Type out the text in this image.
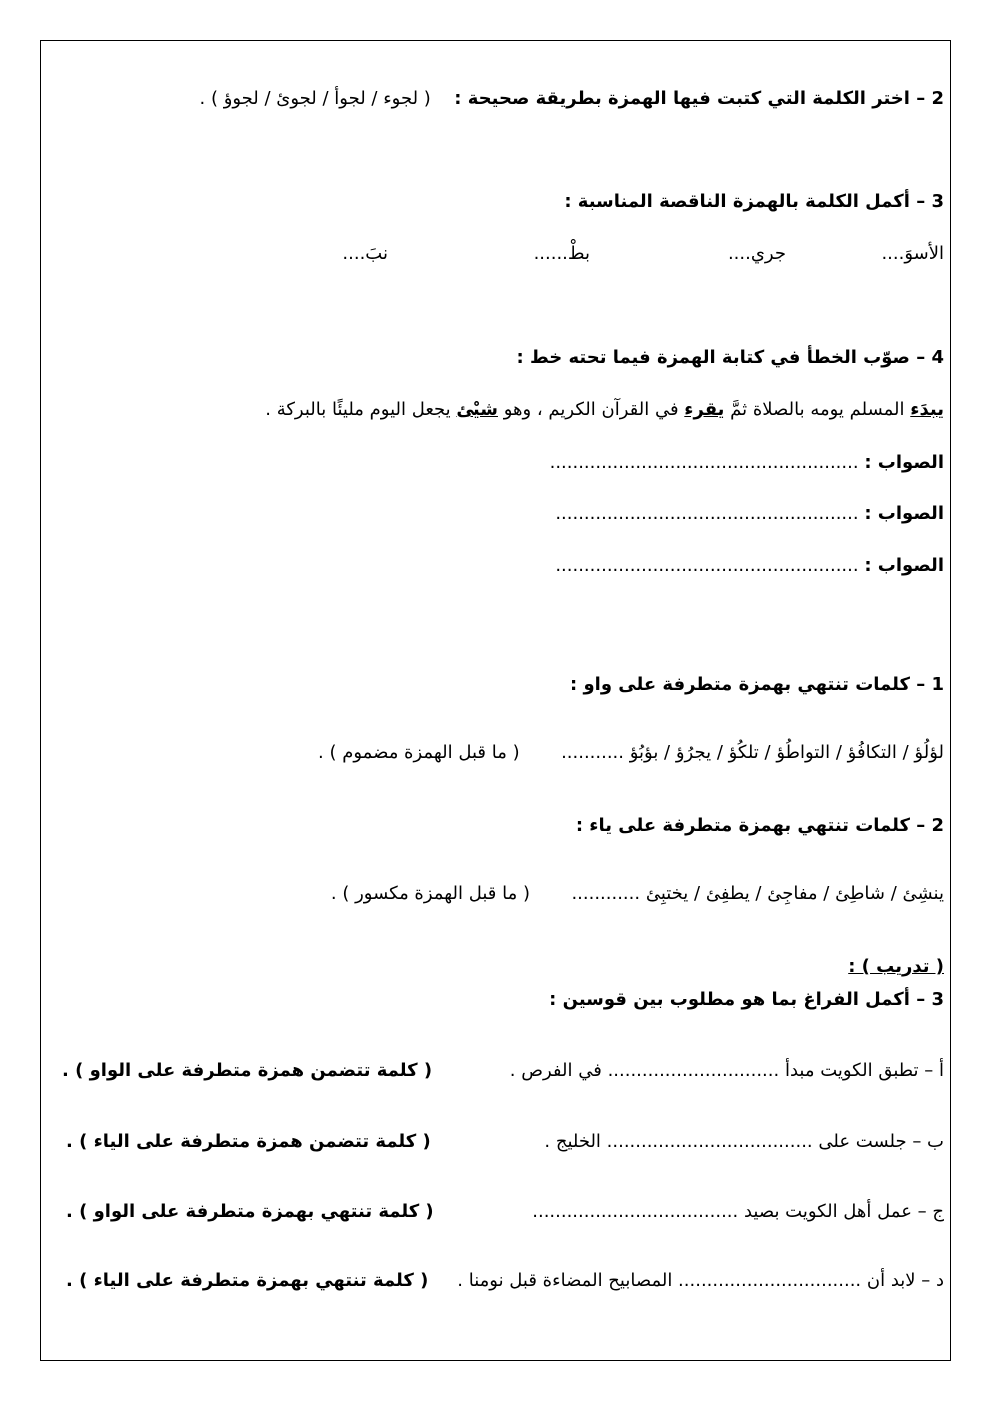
2 – اختر الكلمة التي كتبت فيها الهمزة بطريقة صحيحة :  ( لجوء / لجوأ / لجوئ / لجوؤ ) .
3 – أكمل الكلمة بالهمزة الناقصة المناسبة :
الأسوَ....
جري....
بطْ......
نبَ....
4 – صوّب الخطأ في كتابة الهمزة فيما تحته خط :
يبدَء المسلم يومه بالصلاة ثمَّ يقرء في القرآن الكريم ، وهو شيْئ يجعل اليوم مليئًا بالبركة .
الصواب : ......................................................
الصواب : .....................................................
الصواب : .....................................................
1 – كلمات تنتهي بهمزة متطرفة على واو :
لؤلُؤ / التكافُؤ / التواطُؤ / تلكُؤ / يجرُؤ / بؤبُؤ ...........  ( ما قبل الهمزة مضموم ) .
2 – كلمات تنتهي بهمزة متطرفة على ياء :
ينشِئ / شاطِئ / مفاجِئ / يطفِئ / يختبِئ ............  ( ما قبل الهمزة مكسور ) .
( تدريب ) :
3 – أكمل الفراغ بما هو مطلوب بين قوسين :
أ – تطبق الكويت مبدأ .............................. في الفرص .
( كلمة تتضمن همزة متطرفة على الواو ) .
ب – جلست على .................................... الخليج .
( كلمة تتضمن همزة متطرفة على الياء ) .
ج – عمل أهل الكويت بصيد ....................................
( كلمة تنتهي بهمزة متطرفة على الواو ) .
د – لابد أن ................................ المصابيح المضاءة قبل نومنا .
( كلمة تنتهي بهمزة متطرفة على الياء ) .
